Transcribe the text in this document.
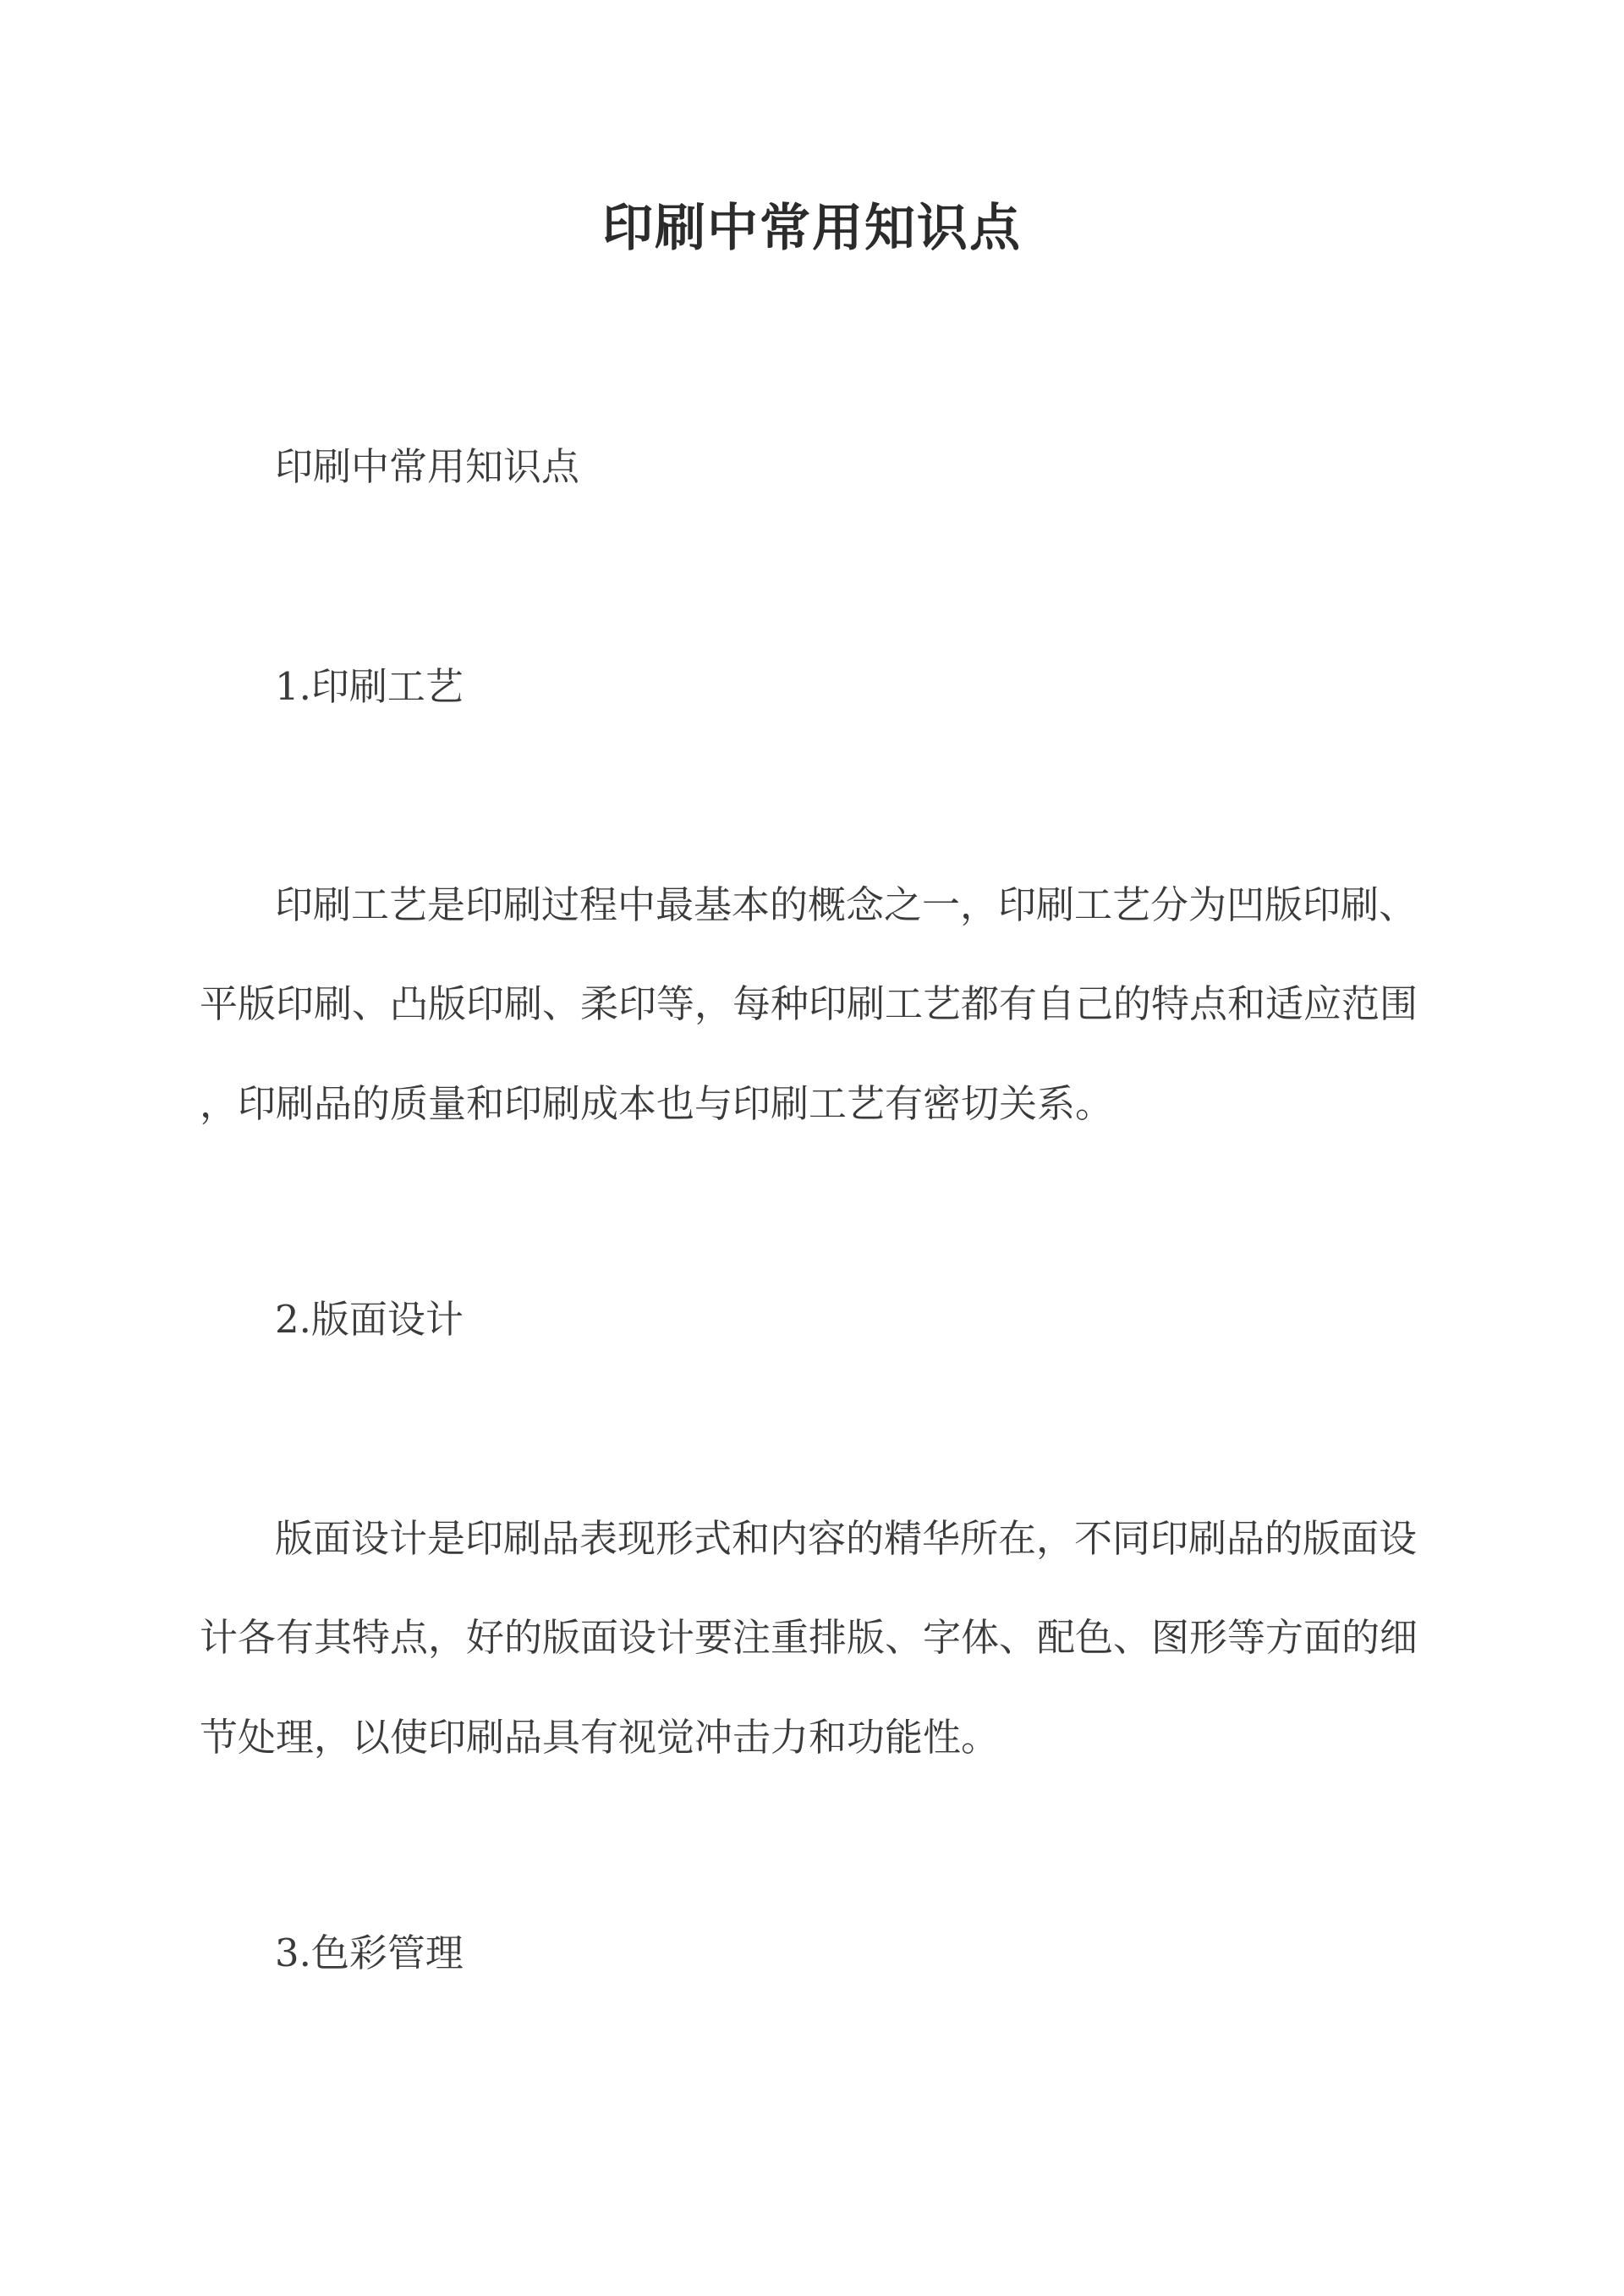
印刷中常用知识点
印刷中常用知识点
1.印刷工艺
印刷工艺是印刷过程中最基本的概念之一，印刷工艺分为凹版印刷、
平版印刷、凸版印刷、柔印等，每种印刷工艺都有自己的特点和适应范围
，印刷品的质量和印刷成本也与印刷工艺有密切关系。
2.版面设计
版面设计是印刷品表现形式和内容的精华所在，不同印刷品的版面设
计各有其特点，好的版面设计要注重排版、字体、配色、图形等方面的细
节处理，以使印刷品具有视觉冲击力和功能性。
3.色彩管理
